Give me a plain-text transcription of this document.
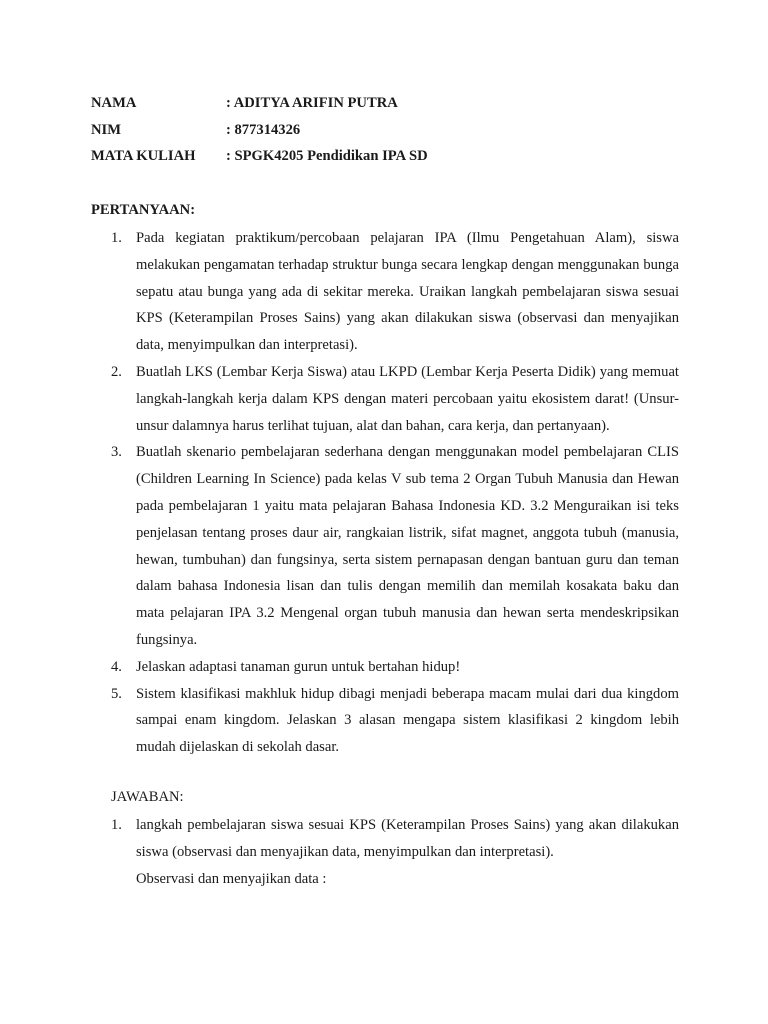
NAMA	: ADITYA ARIFIN PUTRA
NIM	: 877314326
MATA KULIAH : SPGK4205 Pendidikan IPA SD
PERTANYAAN:
1. Pada kegiatan praktikum/percobaan pelajaran IPA (Ilmu Pengetahuan Alam), siswa melakukan pengamatan terhadap struktur bunga secara lengkap dengan menggunakan bunga sepatu atau bunga yang ada di sekitar mereka. Uraikan langkah pembelajaran siswa sesuai KPS (Keterampilan Proses Sains) yang akan dilakukan siswa (observasi dan menyajikan data, menyimpulkan dan interpretasi).
2. Buatlah LKS (Lembar Kerja Siswa) atau LKPD (Lembar Kerja Peserta Didik) yang memuat langkah-langkah kerja dalam KPS dengan materi percobaan yaitu ekosistem darat! (Unsur-unsur dalamnya harus terlihat tujuan, alat dan bahan, cara kerja, dan pertanyaan).
3. Buatlah skenario pembelajaran sederhana dengan menggunakan model pembelajaran CLIS (Children Learning In Science) pada kelas V sub tema 2 Organ Tubuh Manusia dan Hewan pada pembelajaran 1 yaitu mata pelajaran Bahasa Indonesia KD. 3.2 Menguraikan isi teks penjelasan tentang proses daur air, rangkaian listrik, sifat magnet, anggota tubuh (manusia, hewan, tumbuhan) dan fungsinya, serta sistem pernapasan dengan bantuan guru dan teman dalam bahasa Indonesia lisan dan tulis dengan memilih dan memilah kosakata baku dan mata pelajaran IPA 3.2 Mengenal organ tubuh manusia dan hewan serta mendeskripsikan fungsinya.
4. Jelaskan adaptasi tanaman gurun untuk bertahan hidup!
5. Sistem klasifikasi makhluk hidup dibagi menjadi beberapa macam mulai dari dua kingdom sampai enam kingdom. Jelaskan 3 alasan mengapa sistem klasifikasi 2 kingdom lebih mudah dijelaskan di sekolah dasar.
JAWABAN:
1. langkah pembelajaran siswa sesuai KPS (Keterampilan Proses Sains) yang akan dilakukan siswa (observasi dan menyajikan data, menyimpulkan dan interpretasi).
Observasi dan menyajikan data :
